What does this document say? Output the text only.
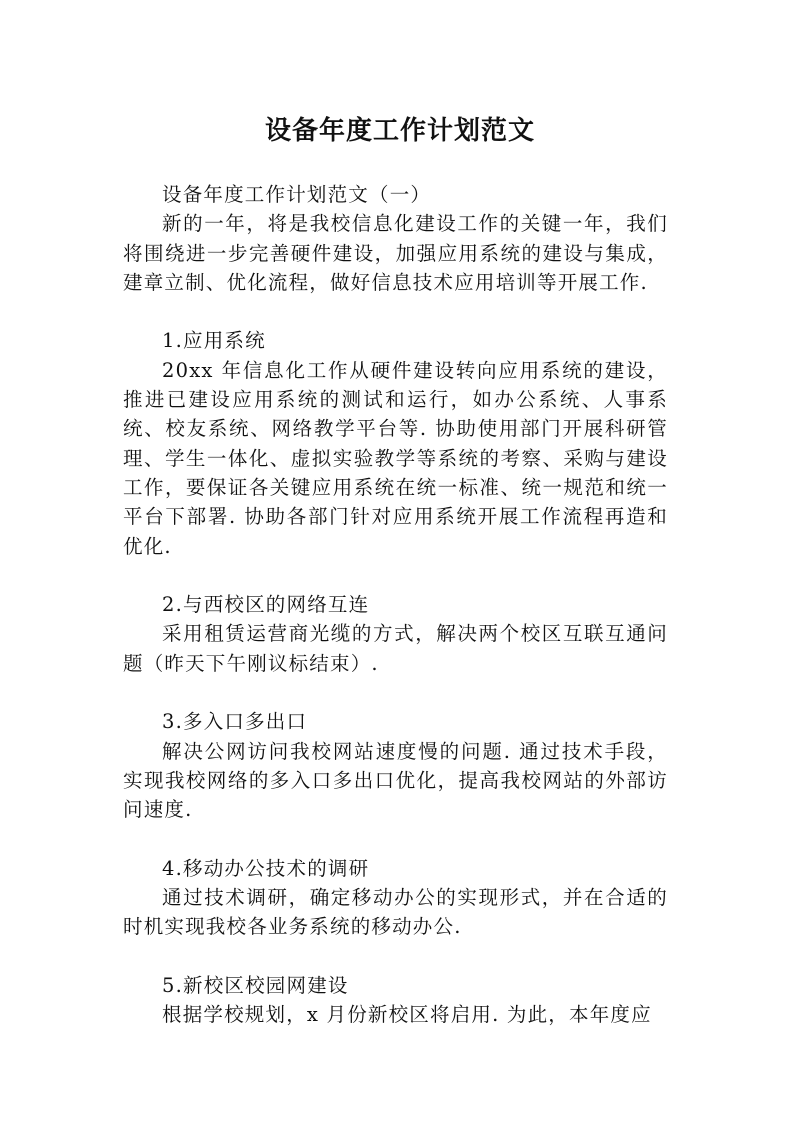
设备年度工作计划范文

设备年度工作计划范文（一）

新的一年，将是我校信息化建设工作的关键一年，我们将围绕进一步完善硬件建设，加强应用系统的建设与集成，建章立制、优化流程，做好信息技术应用培训等开展工作.

1.应用系统

20xx 年信息化工作从硬件建设转向应用系统的建设，推进已建设应用系统的测试和运行，如办公系统、人事系统、校友系统、网络教学平台等. 协助使用部门开展科研管理、学生一体化、虚拟实验教学等系统的考察、采购与建设工作，要保证各关键应用系统在统一标准、统一规范和统一平台下部署. 协助各部门针对应用系统开展工作流程再造和优化.

2.与西校区的网络互连

采用租赁运营商光缆的方式，解决两个校区互联互通问题（昨天下午刚议标结束）.

3.多入口多出口

解决公网访问我校网站速度慢的问题. 通过技术手段，实现我校网络的多入口多出口优化，提高我校网站的外部访问速度.

4.移动办公技术的调研

通过技术调研，确定移动办公的实现形式，并在合适的时机实现我校各业务系统的移动办公.

5.新校区校园网建设

根据学校规划，x 月份新校区将启用. 为此，本年度应
